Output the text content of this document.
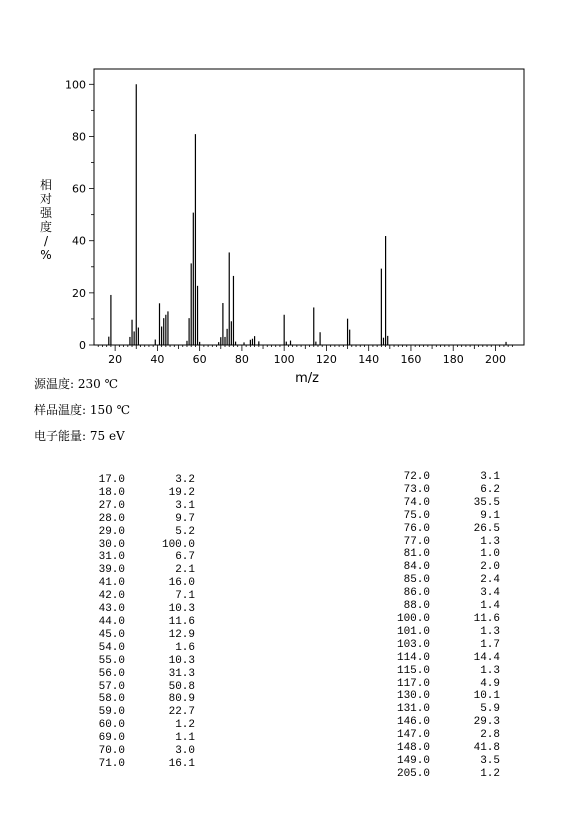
20	40	60	80 100 120 140 160 180 200
0
20
40
60
80
100
m/z
相
对
强
度
/
%
源温度: 230 ℃
样品温度: 150 ℃
电子能量: 75 eV
17.0	3.2
18.0	19.2
27.0	3.1
28.0	9.7
29.0	5.2
30.0	100.0
31.0	6.7
39.0	2.1
41.0	16.0
42.0	7.1
43.0	10.3
44.0	11.6
45.0	12.9
54.0	1.6
55.0	10.3
56.0	31.3
57.0	50.8
58.0	80.9
59.0	22.7
60.0	1.2
69.0	1.1
70.0	3.0
71.0	16.1
72.0	3.1
73.0	6.2
74.0	35.5
75.0	9.1
76.0	26.5
77.0	1.3
81.0	1.0
84.0	2.0
85.0	2.4
86.0	3.4
88.0	1.4
100.0	11.6
101.0	1.3
103.0	1.7
114.0	14.4
115.0	1.3
117.0	4.9
130.0	10.1
131.0	5.9
146.0	29.3
147.0	2.8
148.0	41.8
149.0	3.5
205.0	1.2
